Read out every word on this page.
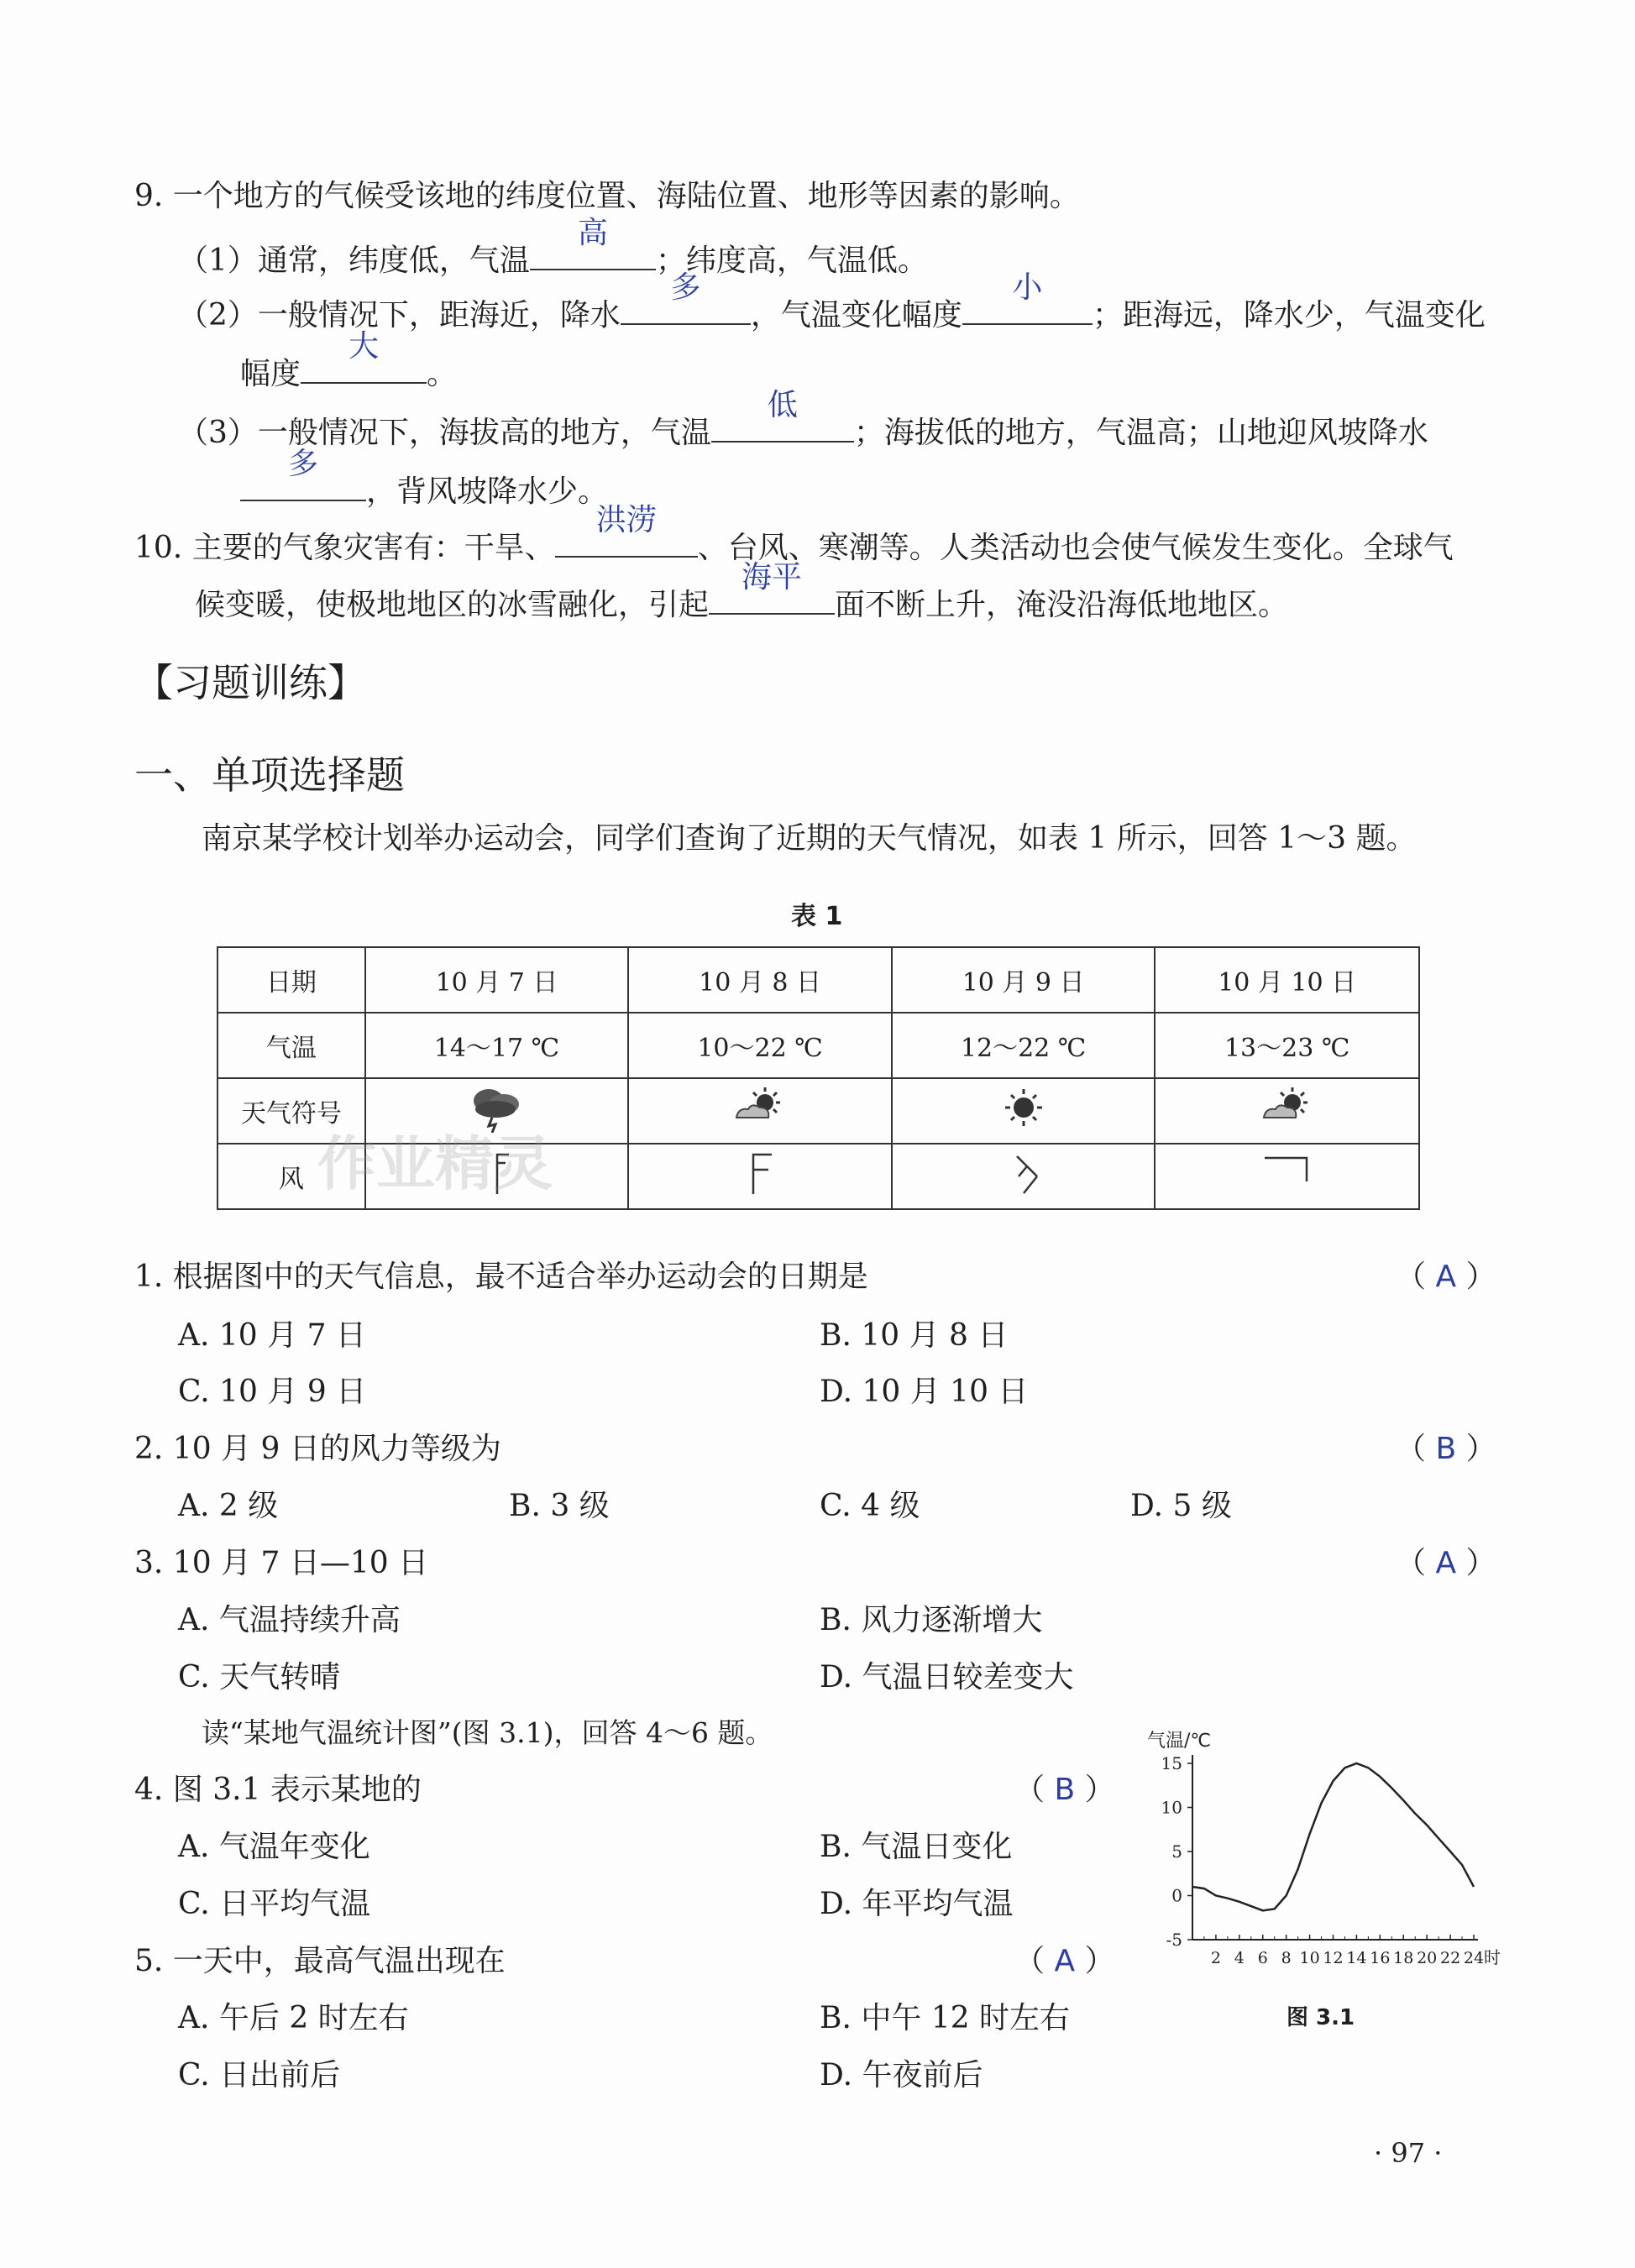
9. 一个地方的气候受该地的纬度位置、海陆位置、地形等因素的影响。
（1）通常，纬度低，气温
高
；纬度高，气温低。
（2）一般情况下，距海近，降水
多
，气温变化幅度
小
；距海远，降水少，气温变化
幅度
大
。
（3）一般情况下，海拔高的地方，气温
低
；海拔低的地方，气温高；山地迎风坡降水
多
，背风坡降水少。
10. 主要的气象灾害有：干旱、
洪涝
、台风、寒潮等。人类活动也会使气候发生变化。全球气
候变暖，使极地地区的冰雪融化，引起
海平
面不断上升，淹没沿海低地地区。
【习题训练】
一、单项选择题
南京某学校计划举办运动会，同学们查询了近期的天气情况，如表 1 所示，回答 1～3 题。
表 1
日期	10 月 7 日	10 月 8 日	10 月 9 日	10 月 10 日
气温	14～17 ℃	10～22 ℃	12～22 ℃	13～23 ℃
天气符号				
风				
1. 根据图中的天气信息，最不适合举办运动会的日期是	（ A ）
A. 10 月 7 日	B. 10 月 8 日
C. 10 月 9 日	D. 10 月 10 日
2. 10 月 9 日的风力等级为	（ B ）
A. 2 级	B. 3 级	C. 4 级	D. 5 级
3. 10 月 7 日—10 日	（ A ）
A. 气温持续升高	B. 风力逐渐增大
C. 天气转晴	D. 气温日较差变大
读“某地气温统计图”(图 3.1)，回答 4～6 题。
4. 图 3.1 表示某地的	（ B ）
A. 气温年变化	B. 气温日变化
C. 日平均气温	D. 年平均气温
5. 一天中，最高气温出现在	（ A ）
A. 午后 2 时左右	B. 中午 12 时左右
C. 日出前后	D. 午夜前后
气温/℃
-5
0
5
10
15
2 4 6 8 10 12 14 16 18 20 22 24 时
图 3.1
· 97 ·
作业精灵
